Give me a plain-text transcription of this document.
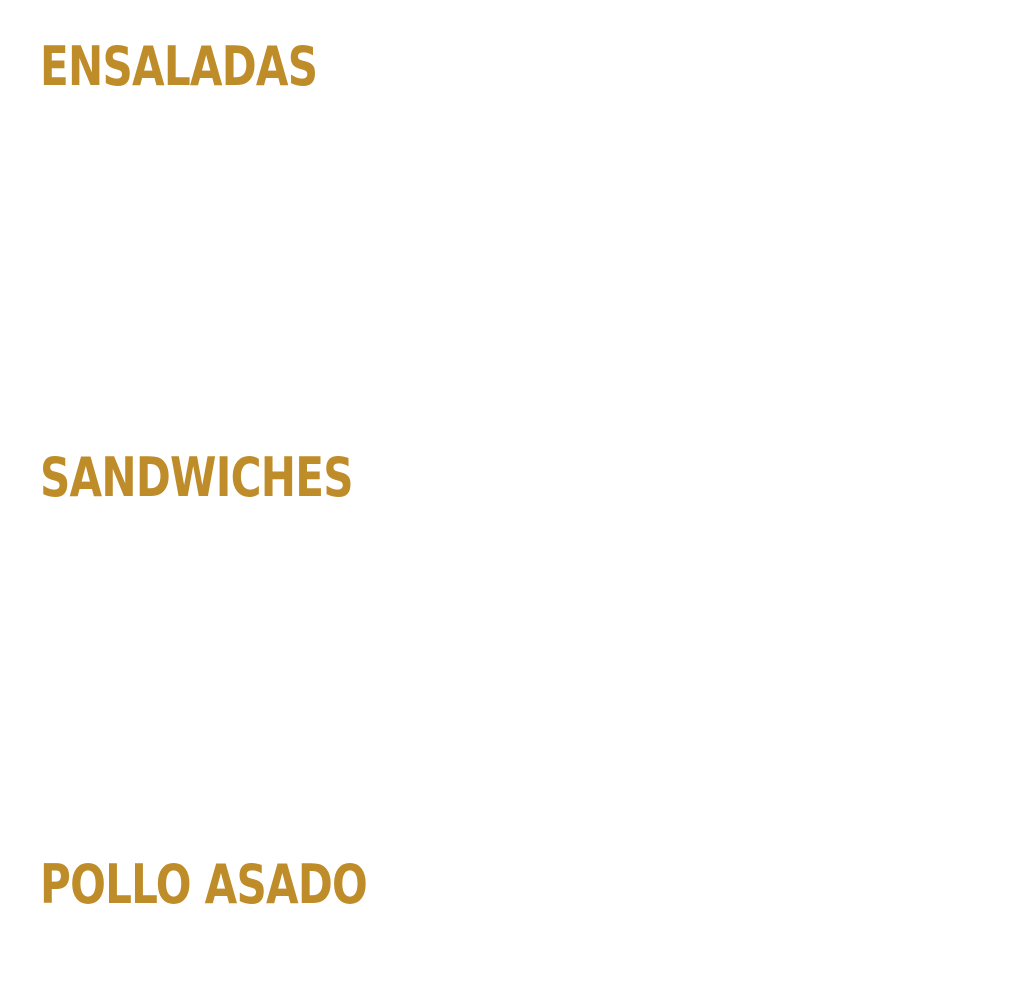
ENSALADAS
SANDWICHES
POLLO ASADO
